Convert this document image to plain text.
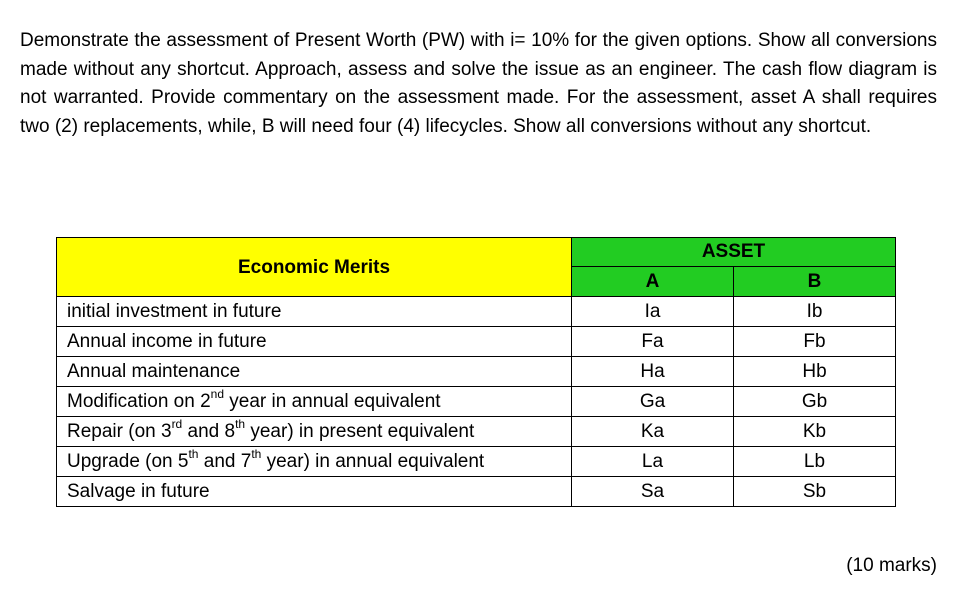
Demonstrate the assessment of Present Worth (PW) with i= 10% for the given options. Show all conversions made without any shortcut. Approach, assess and solve the issue as an engineer. The cash flow diagram is not warranted. Provide commentary on the assessment made. For the assessment, asset A shall requires two (2) replacements, while, B will need four (4) lifecycles. Show all conversions without any shortcut.

Economic Merits	ASSET	
	A	B
initial investment in future	Ia	Ib
Annual income in future	Fa	Fb
Annual maintenance	Ha	Hb
Modification on 2nd year in annual equivalent	Ga	Gb
Repair (on 3rd and 8th year) in present equivalent	Ka	Kb
Upgrade (on 5th and 7th year) in annual equivalent	La	Lb
Salvage in future	Sa	Sb
(10 marks)
